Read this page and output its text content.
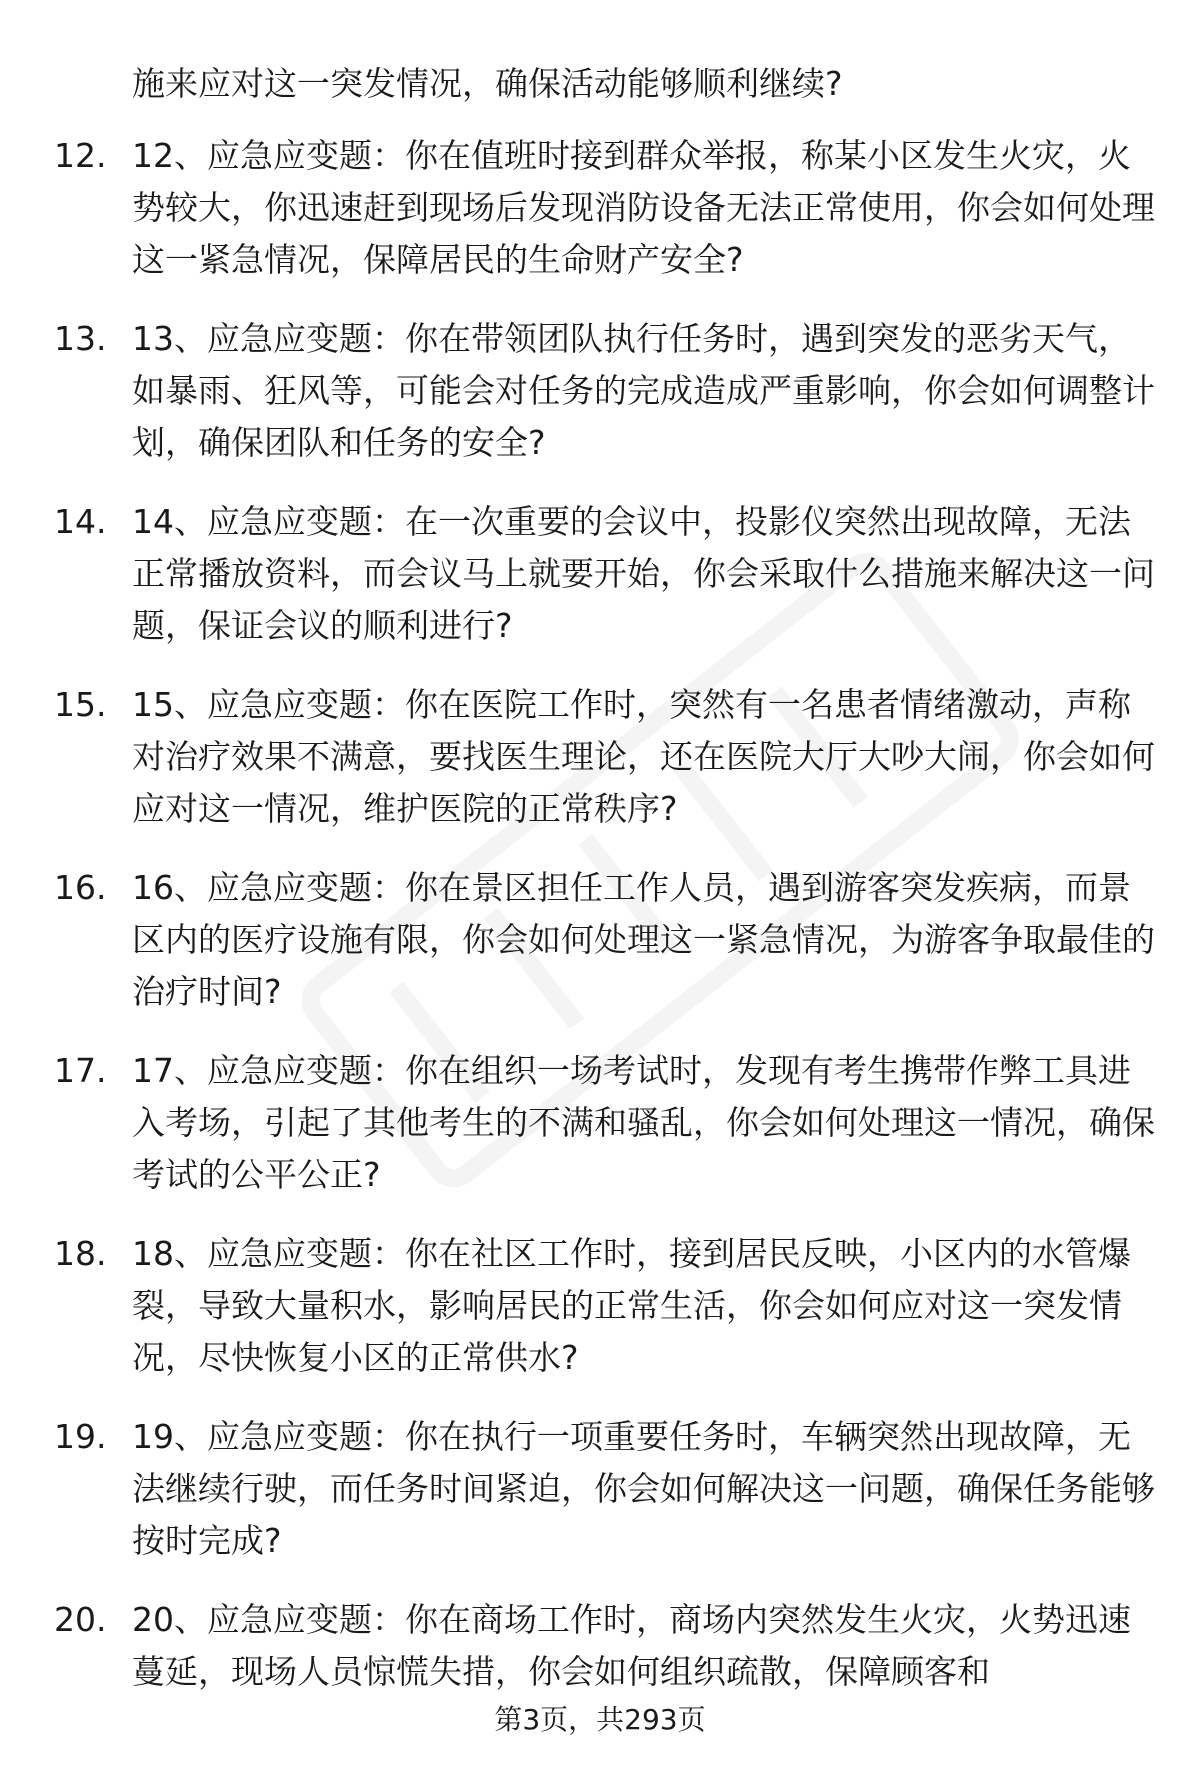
施来应对这一突发情况，确保活动能够顺利继续?
12. 12、应急应变题：你在值班时接到群众举报，称某小区发生火灾，火势较大，你迅速赶到现场后发现消防设备无法正常使用，你会如何处理这一紧急情况，保障居民的生命财产安全?
13. 13、应急应变题：你在带领团队执行任务时，遇到突发的恶劣天气，如暴雨、狂风等，可能会对任务的完成造成严重影响，你会如何调整计划，确保团队和任务的安全?
14. 14、应急应变题：在一次重要的会议中，投影仪突然出现故障，无法正常播放资料，而会议马上就要开始，你会采取什么措施来解决这一问题，保证会议的顺利进行?
15. 15、应急应变题：你在医院工作时，突然有一名患者情绪激动，声称对治疗效果不满意，要找医生理论，还在医院大厅大吵大闹，你会如何应对这一情况，维护医院的正常秩序?
16. 16、应急应变题：你在景区担任工作人员，遇到游客突发疾病，而景区内的医疗设施有限，你会如何处理这一紧急情况，为游客争取最佳的治疗时间?
17. 17、应急应变题：你在组织一场考试时，发现有考生携带作弊工具进入考场，引起了其他考生的不满和骚乱，你会如何处理这一情况，确保考试的公平公正?
18. 18、应急应变题：你在社区工作时，接到居民反映，小区内的水管爆裂，导致大量积水，影响居民的正常生活，你会如何应对这一突发情况，尽快恢复小区的正常供水?
19. 19、应急应变题：你在执行一项重要任务时，车辆突然出现故障，无法继续行驶，而任务时间紧迫，你会如何解决这一问题，确保任务能够按时完成?
20. 20、应急应变题：你在商场工作时，商场内突然发生火灾，火势迅速蔓延，现场人员惊慌失措，你会如何组织疏散，保障顾客和
第3页，共293页
